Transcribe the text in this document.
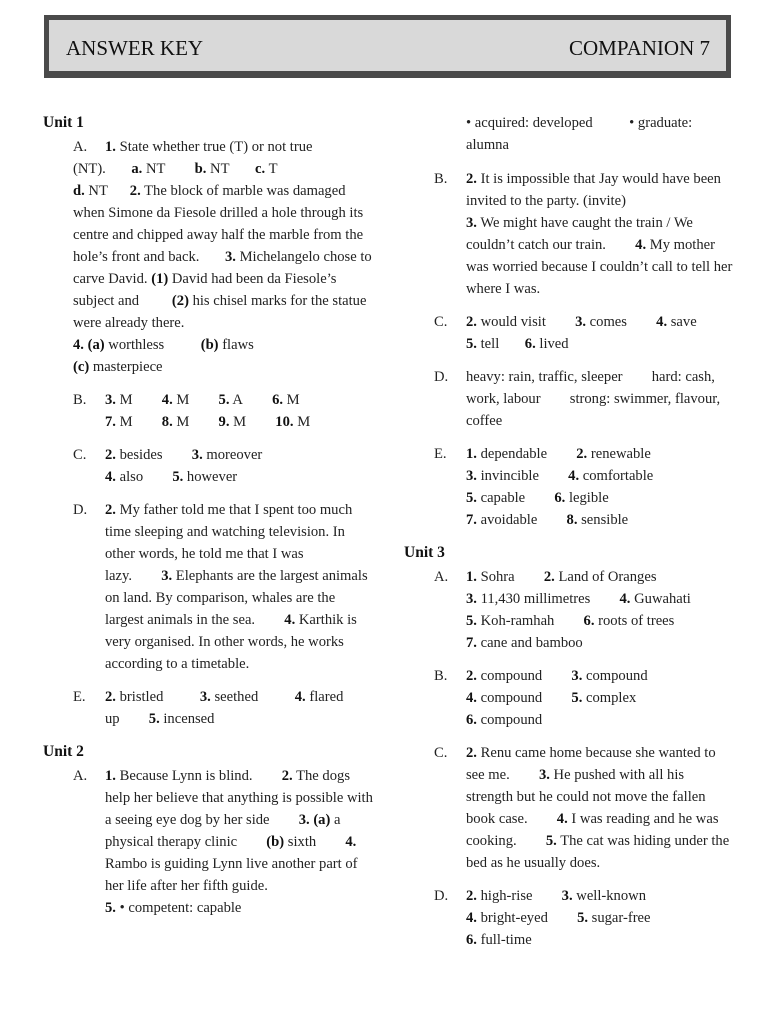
ANSWER KEY	COMPANION 7
Unit 1
A.	1. State whether true (T) or not true (NT).       a. NT        b. NT       c. T
d. NT      2. The block of marble was damaged when Simone da Fiesole drilled a hole through its centre and chipped away half the marble from the hole’s front and back.       3. Michelangelo chose to carve David. (1) David had been da Fiesole’s subject and         (2) his chisel marks for the statue were already there.
4. (a) worthless          (b) flaws
(c) masterpiece
B. 3. M        4. M        5. A        6. M
7. M        8. M        9. M        10. M
C. 2. besides        3. moreover
4. also        5. however
D. 2. My father told me that I spent too much time sleeping and watching television. In other words, he told me that I was lazy.        3. Elephants are the largest animals on land. By comparison, whales are the largest animals in the sea.        4. Karthik is very organised. In other words, he works according to a timetable.
E. 2. bristled          3. seethed          4. flared up        5. incensed
Unit 2
A. 1. Because Lynn is blind.        2. The dogs help her believe that anything is possible with a seeing eye dog by her side        3. (a) a physical therapy clinic        (b) sixth        4. Rambo is guiding Lynn live another part of her life after her fifth guide.
5. • competent: capable
• acquired: developed          • graduate: alumna
B. 2. It is impossible that Jay would have been invited to the party. (invite)
3. We might have caught the train / We couldn’t catch our train.        4. My mother was worried because I couldn’t call to tell her where I was.
C. 2. would visit        3. comes        4. save
5. tell       6. lived
D. heavy: rain, traffic, sleeper        hard: cash, work, labour        strong: swimmer, flavour, coffee
E. 1. dependable        2. renewable
3. invincible        4. comfortable
5. capable        6. legible
7. avoidable        8. sensible
Unit 3
A. 1. Sohra        2. Land of Oranges
3. 11,430 millimetres        4. Guwahati
5. Koh-ramhah        6. roots of trees
7. cane and bamboo
B. 2. compound        3. compound
4. compound        5. complex
6. compound
C. 2. Renu came home because she wanted to see me.        3. He pushed with all his strength but he could not move the fallen book case.        4. I was reading and he was cooking.        5. The cat was hiding under the bed as he usually does.
D. 2. high-rise        3. well-known
4. bright-eyed        5. sugar-free
6. full-time
